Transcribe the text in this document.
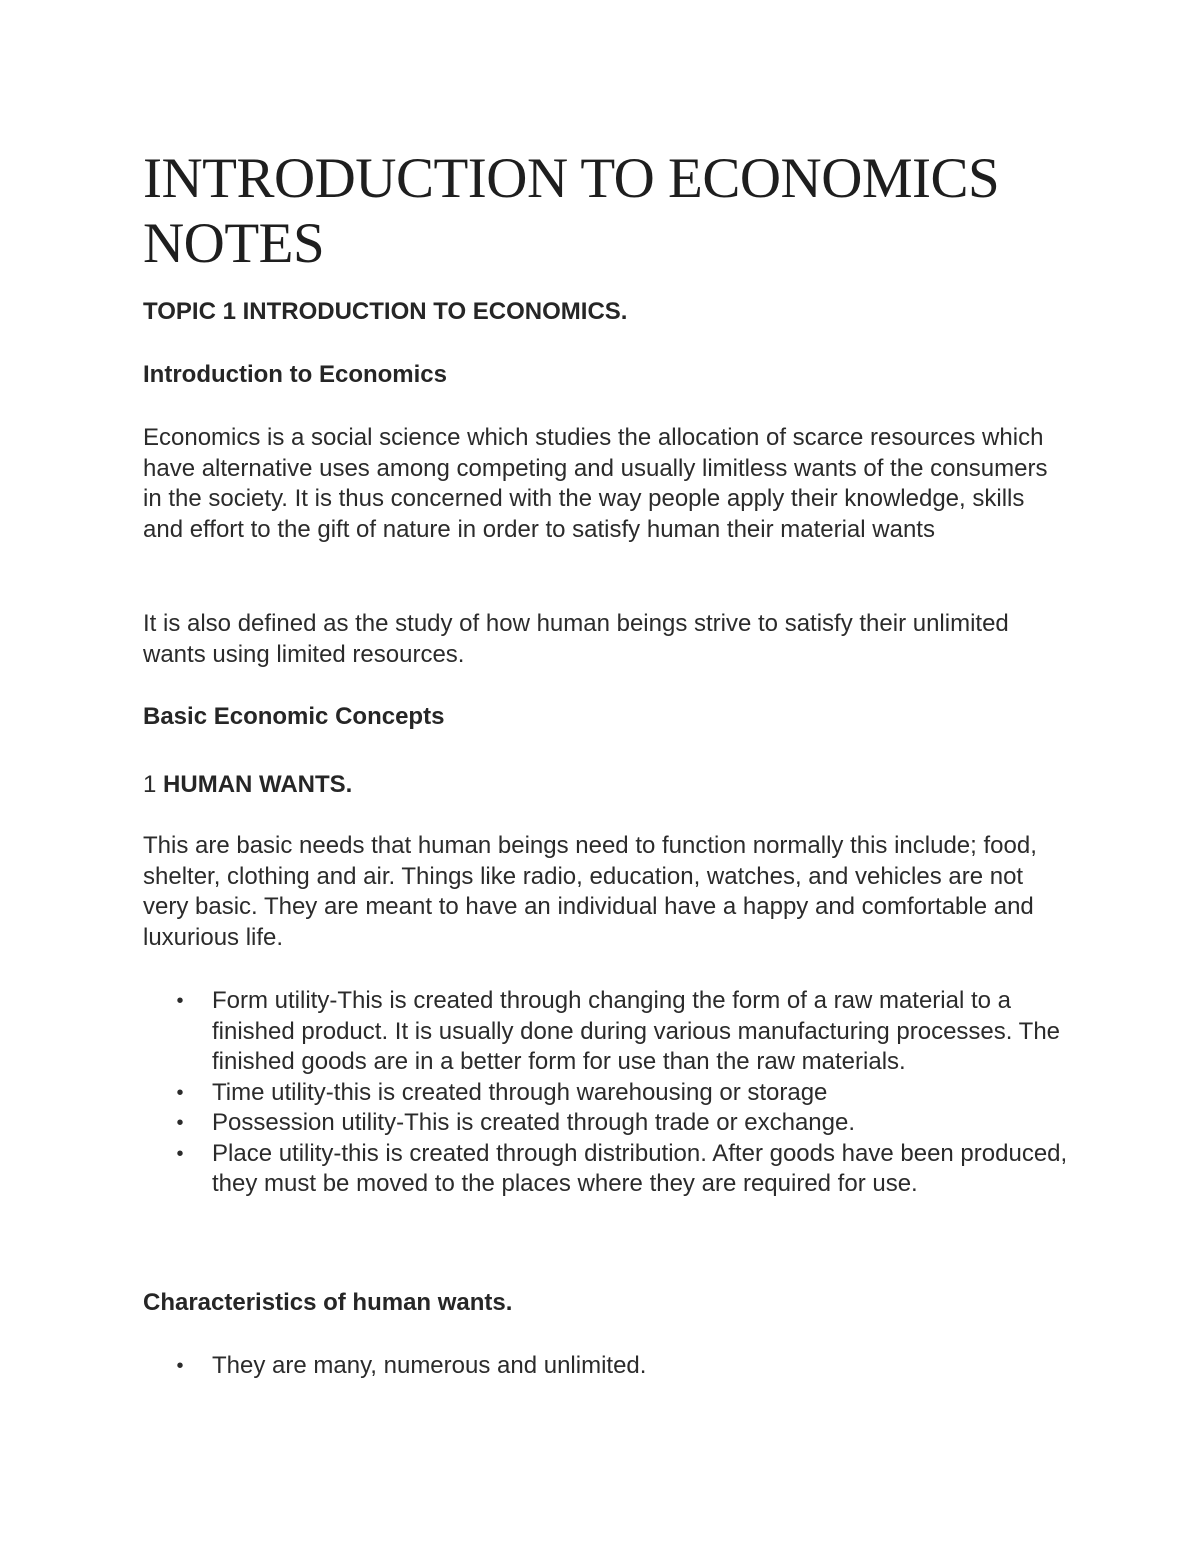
INTRODUCTION TO ECONOMICS NOTES

TOPIC 1 INTRODUCTION TO ECONOMICS.

Introduction to Economics

Economics is a social science which studies the allocation of scarce resources which have alternative uses among competing and usually limitless wants of the consumers in the society. It is thus concerned with the way people apply their knowledge, skills and effort to the gift of nature in order to satisfy human their material wants

It is also defined as the study of how human beings strive to satisfy their unlimited wants using limited resources.

Basic Economic Concepts

1 HUMAN WANTS.

This are basic needs that human beings need to function normally this include; food, shelter, clothing and air. Things like radio, education, watches, and vehicles are not very basic. They are meant to have an individual have a happy and comfortable and luxurious life.

• Form utility-This is created through changing the form of a raw material to a finished product. It is usually done during various manufacturing processes. The finished goods are in a better form for use than the raw materials.
• Time utility-this is created through warehousing or storage
• Possession utility-This is created through trade or exchange.
• Place utility-this is created through distribution. After goods have been produced, they must be moved to the places where they are required for use.

Characteristics of human wants.

• They are many, numerous and unlimited.
